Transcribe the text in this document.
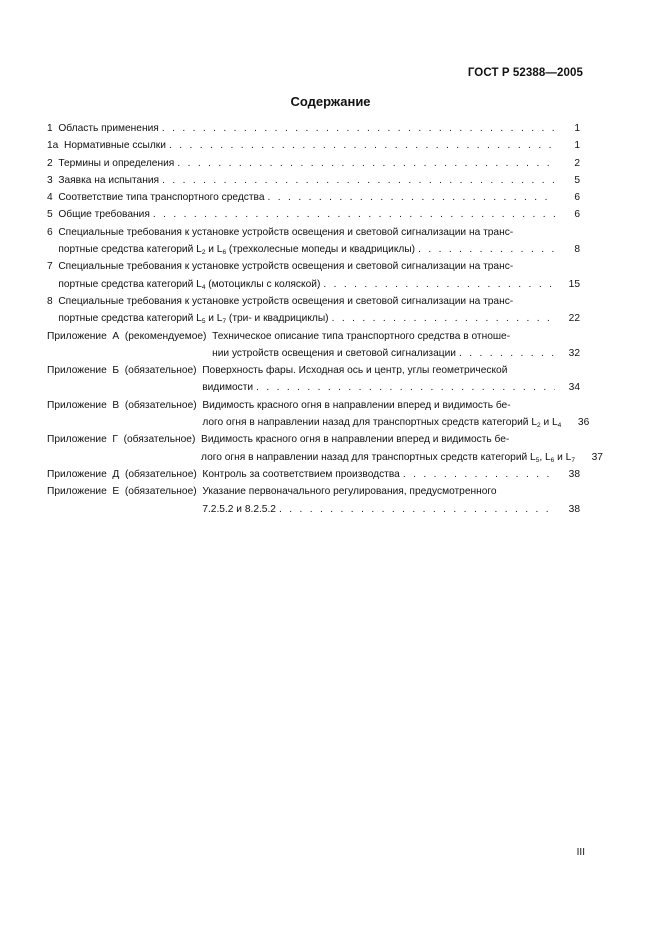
ГОСТ Р 52388—2005
Содержание
1 Область применения . . .	1
1а Нормативные ссылки . . .	1
2 Термины и определения . . .	2
3 Заявка на испытания . . .	5
4 Соответствие типа транспортного средства . . .	6
5 Общие требования . . .	6
6 Специальные требования к установке устройств освещения и световой сигнализации на транс-
портные средства категорий $L_2$ и $L_6$ (трехколесные мопеды и квадрициклы) . . .	8
7 Специальные требования к установке устройств освещения и световой сигнализации на транс-
портные средства категорий $L_4$ (мотоциклы с коляской) . . .	15
8 Специальные требования к установке устройств освещения и световой сигнализации на транс-
портные средства категорий $L_5$ и $L_7$ (три- и квадрициклы) . . .	22
Приложение  А  (рекомендуемое) Техническое описание типа транспортного средства в отноше-
нии устройств освещения и световой сигнализации . . .	32
Приложение  Б  (обязательное) Поверхность фары. Исходная ось и центр, углы геометрической
видимости . . .	34
Приложение  В  (обязательное) Видимость красного огня в направлении вперед и видимость бе-
лого огня в направлении назад для транспортных средств категорий $L_2$ и $L_4$	36
Приложение  Г  (обязательное) Видимость красного огня в направлении вперед и видимость бе-
лого огня в направлении назад для транспортных средств категорий $L_5$, $L_6$ и $L_7$	37
Приложение  Д  (обязательное) Контроль за соответствием производства . . .	38
Приложение  Е  (обязательное) Указание первоначального регулирования, предусмотренного
7.2.5.2 и 8.2.5.2 . . .	38
III
